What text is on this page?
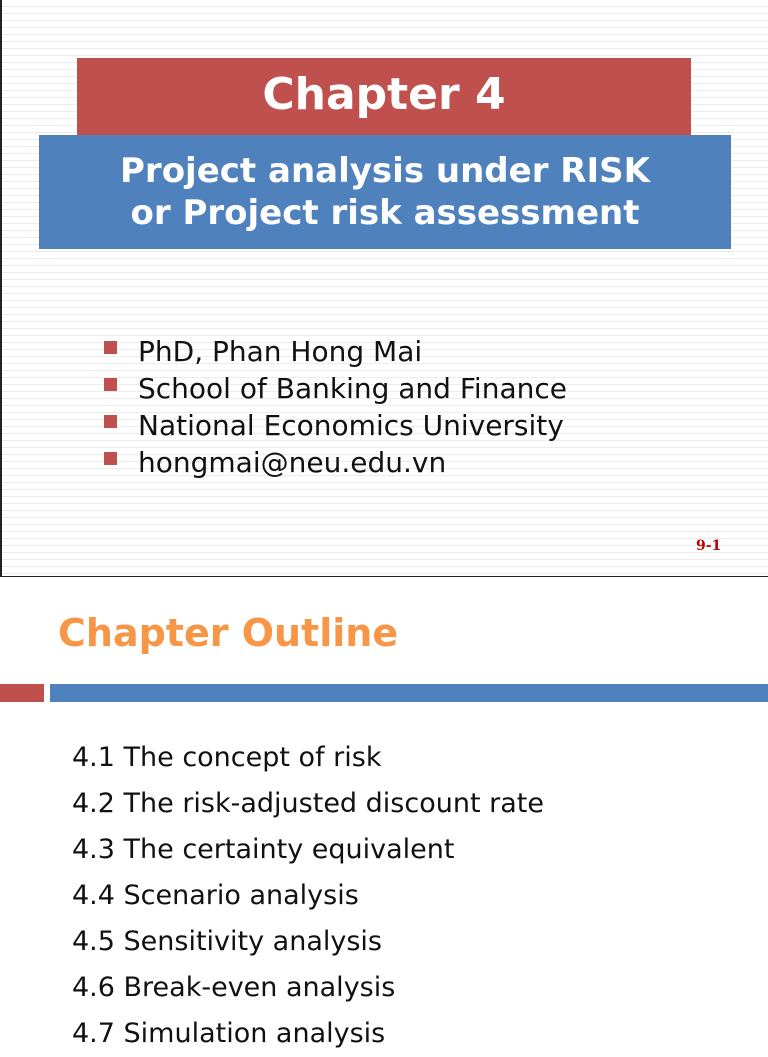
Chapter 4
Project analysis under RISK
or Project risk assessment
PhD, Phan Hong Mai
School of Banking and Finance
National Economics University
hongmai@neu.edu.vn
9-1
Chapter Outline
4.1 The concept of risk
4.2 The risk-adjusted discount rate
4.3 The certainty equivalent
4.4 Scenario analysis
4.5 Sensitivity analysis
4.6 Break-even analysis
4.7 Simulation analysis
